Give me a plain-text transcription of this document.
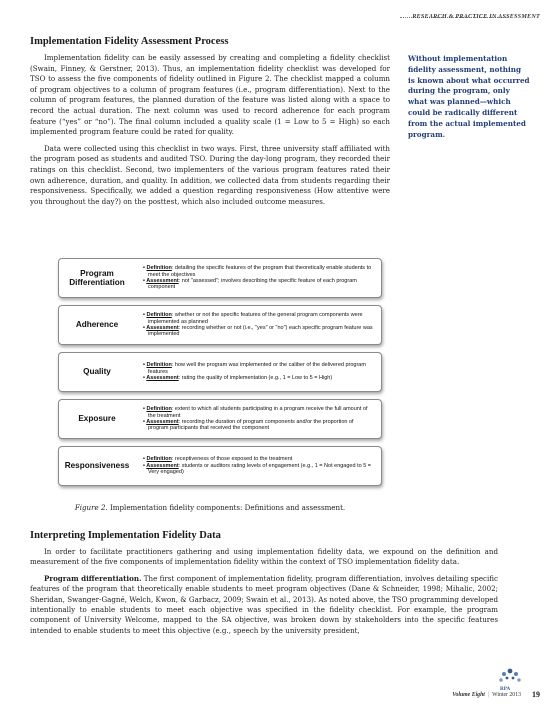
RESEARCH & PRACTICE IN ASSESSMENT
Implementation Fidelity Assessment Process

Implementation fidelity can be easily assessed by creating and completing a fidelity checklist (Swain, Finney, & Gerstner, 2013). Thus, an implementation fidelity checklist was developed for TSO to assess the five components of fidelity outlined in Figure 2. The checklist mapped a column of program objectives to a column of program features (i.e., program differentiation). Next to the column of program features, the planned duration of the feature was listed along with a space to record the actual duration. The next column was used to record adherence for each program feature (“yes” or “no”). The final column included a quality scale (1 = Low to 5 = High) so each implemented program feature could be rated for quality.

Data were collected using this checklist in two ways. First, three university staff affiliated with the program posed as students and audited TSO. During the day-long program, they recorded their ratings on this checklist. Second, two implementers of the various program features rated their own adherence, duration, and quality. In addition, we collected data from students regarding their responsiveness. Specifically, we added a question regarding responsiveness (How attentive were you throughout the day?) on the posttest, which also included outcome measures.

Without implementation fidelity assessment, nothing is known about what occurred during the program, only what was planned—which could be radically different from the actual implemented program.
Program Differentiation
• Definition: detailing the specific features of the program that theoretically enable students to meet the objectives
• Assessment: not "assessed"; involves describing the specific feature of each program component
Adherence
• Definition: whether or not the specific features of the general program components were implemented as planned
• Assessment: recording whether or not (i.e., "yes" or "no") each specific program feature was implemented
Quality
• Definition: how well the program was implemented or the caliber of the delivered program features
• Assessment: rating the quality of implementation (e.g., 1 = Low to 5 = High)
Exposure
• Definition: extent to which all students participating in a program receive the full amount of the treatment
• Assessment: recording the duration of program components and/or the proportion of program participants that received the component
Responsiveness
• Definition: receptiveness of those exposed to the treatment
• Assessment: students or auditors rating levels of engagement (e.g., 1 = Not engaged to 5 = Very engaged)
Figure 2. Implementation fidelity components: Definitions and assessment.
Interpreting Implementation Fidelity Data

In order to facilitate practitioners gathering and using implementation fidelity data, we expound on the definition and measurement of the five components of implementation fidelity within the context of TSO implementation fidelity data.

Program differentiation. The first component of implementation fidelity, program differentiation, involves detailing specific features of the program that theoretically enable students to meet program objectives (Dane & Schneider, 1998; Mihalic, 2002; Sheridan, Swanger-Gagné, Welch, Kwon, & Garbacz, 2009; Swain et al., 2013). As noted above, the TSO programming developed intentionally to enable students to meet each objective was specified in the fidelity checklist. For example, the program component of University Welcome, mapped to the SA objective, was broken down by stakeholders into the specific features intended to enable students to meet this objective (e.g., speech by the university president,

RPA
Volume Eight | Winter 2013 19
